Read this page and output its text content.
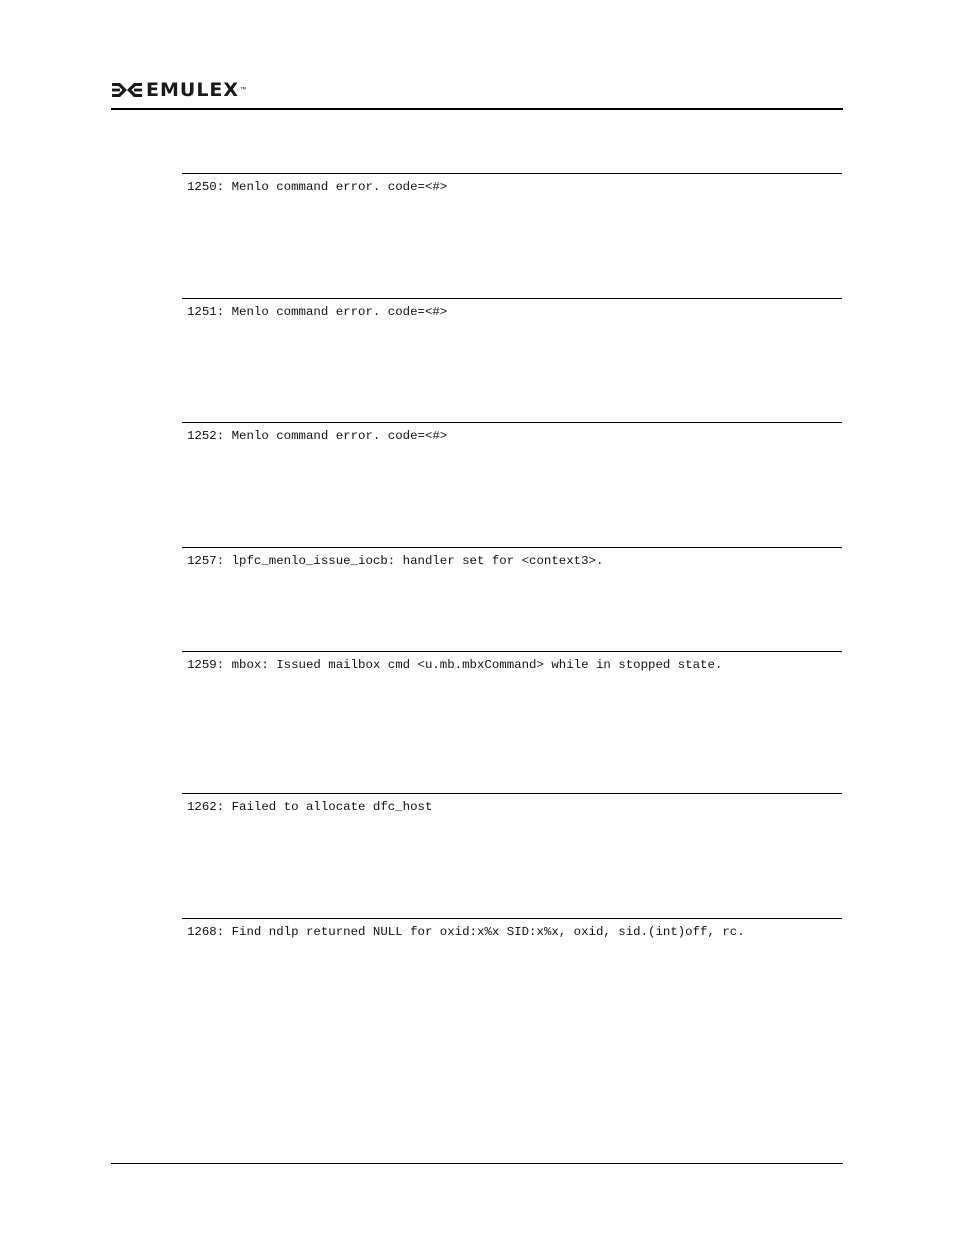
EMULEX ™
1250: Menlo command error. code=<#>
1251: Menlo command error. code=<#>
1252: Menlo command error. code=<#>
1257: lpfc_menlo_issue_iocb: handler set for <context3>.
1259: mbox: Issued mailbox cmd <u.mb.mbxCommand> while in stopped state.
1262: Failed to allocate dfc_host
1268: Find ndlp returned NULL for oxid:x%x SID:x%x, oxid, sid.(int)off, rc.
